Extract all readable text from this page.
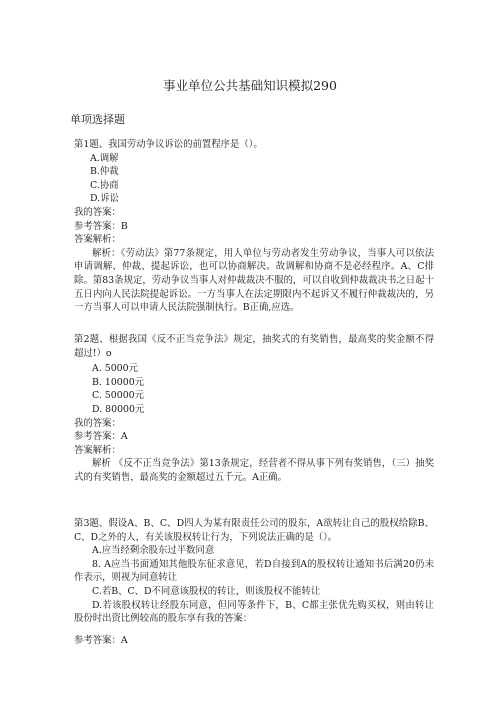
事业单位公共基础知识模拟290
单项选择题
第1题、我国劳动争议诉讼的前置程序是（）。
A.调解
B.仲裁
C.协商
D.诉讼
我的答案：
参考答案：B
答案解析：
解析：《劳动法》第77条规定，用人单位与劳动者发生劳动争议，当事人可以依法申请调解、仲裁、提起诉讼，也可以协商解决。故调解和协商不是必经程序。A、C排除。第83条规定，劳动争议当事人对仲裁裁决不服的，可以自收到仲裁裁决书之日起十五日内向人民法院提起诉讼。一方当事人在法定期限内不起诉又不履行仲裁裁决的，另一方当事人可以申请人民法院强制执行。B正确,应选。
第2题、根据我国《反不正当竞争法》规定，抽奖式的有奖销售，最高奖的奖金额不得超过!）o
A. 5000元
B. 10000元
C. 50000元
D. 80000元
我的答案：
参考答案：A
答案解析：
解析 《反不正当竞争法》第13条规定，经营者不得从事下列有奖销售，（三）抽奖式的有奖销售，最高奖的金额超过五千元。A正确。
第3题、假设A、B、C、D四人为某有限责任公司的股东，A欲转让自己的股权给除B、C、D之外的人，有关该股权转让行为，下列说法正确的是（）。
A.应当经剩余股东过半数同意
8. A应当书面通知其他股东征求意见，若D自接到A的股权转让通知书后满20仍未作表示，则视为同意转让
C.若B、C、D不同意该股权的转让，则该股权不能转让
D.若该股权转让经股东同意，但同等条件下，B、C都主张优先购买权，则由转让股份时出资比例较高的股东享有我的答案：
参考答案：A
